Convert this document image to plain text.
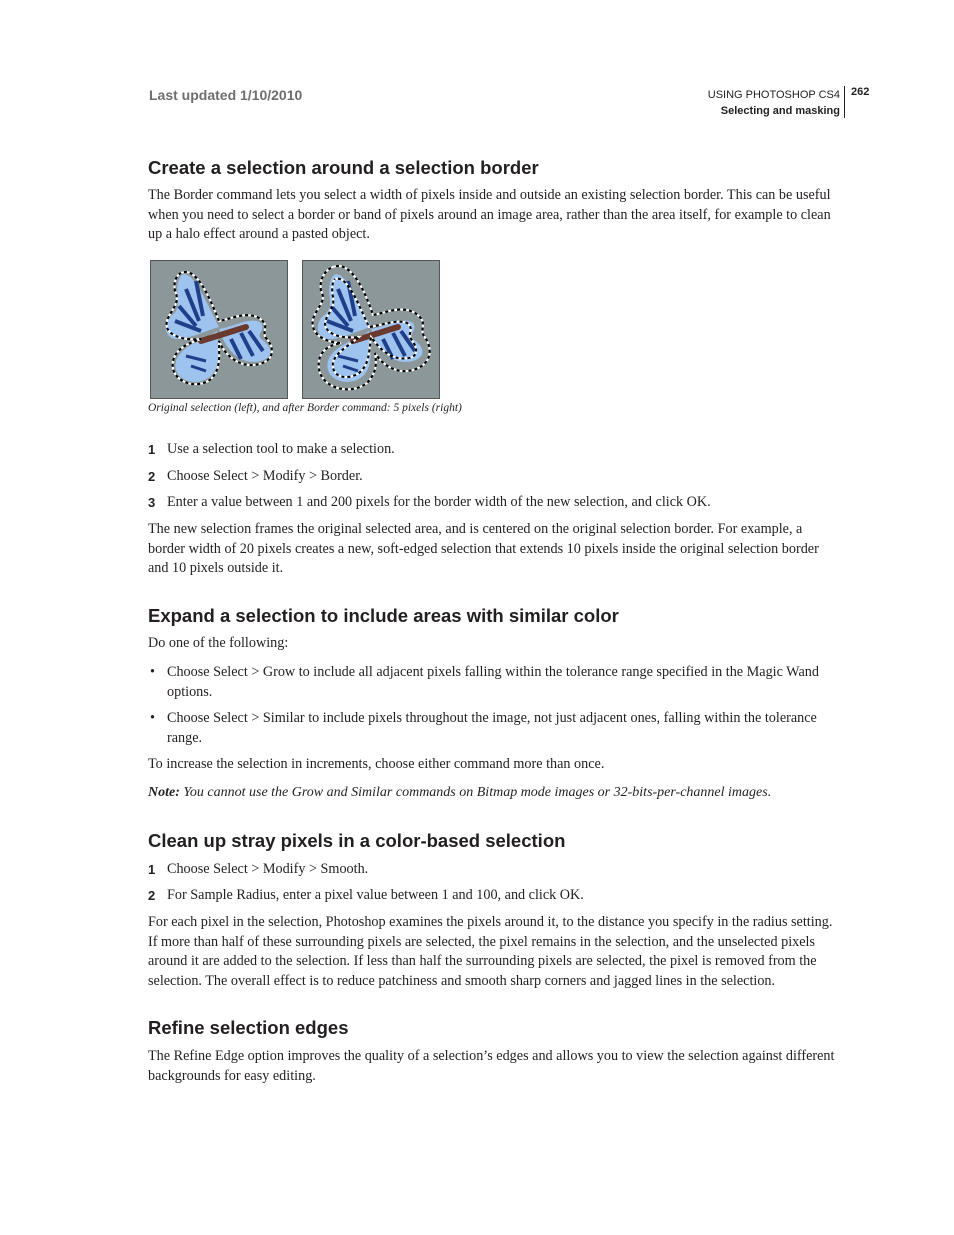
Last updated 1/10/2010	USING PHOTOSHOP CS4
Selecting and masking
262
Create a selection around a selection border

The Border command lets you select a width of pixels inside and outside an existing selection border. This can be useful when you need to select a border or band of pixels around an image area, rather than the area itself, for example to clean up a halo effect around a pasted object.

Original selection (left), and after Border command: 5 pixels (right)
1 Use a selection tool to make a selection.
2 Choose Select > Modify > Border.
3 Enter a value between 1 and 200 pixels for the border width of the new selection, and click OK.

The new selection frames the original selected area, and is centered on the original selection border. For example, a border width of 20 pixels creates a new, soft-edged selection that extends 10 pixels inside the original selection border and 10 pixels outside it.

Expand a selection to include areas with similar color

Do one of the following:

• Choose Select > Grow to include all adjacent pixels falling within the tolerance range specified in the Magic Wand options.
• Choose Select > Similar to include pixels throughout the image, not just adjacent ones, falling within the tolerance range.

To increase the selection in increments, choose either command more than once.

Note: You cannot use the Grow and Similar commands on Bitmap mode images or 32-bits-per-channel images.
Clean up stray pixels in a color-based selection
1 Choose Select > Modify > Smooth.
2 For Sample Radius, enter a pixel value between 1 and 100, and click OK.

For each pixel in the selection, Photoshop examines the pixels around it, to the distance you specify in the radius setting. If more than half of these surrounding pixels are selected, the pixel remains in the selection, and the unselected pixels around it are added to the selection. If less than half the surrounding pixels are selected, the pixel is removed from the selection. The overall effect is to reduce patchiness and smooth sharp corners and jagged lines in the selection.

Refine selection edges

The Refine Edge option improves the quality of a selection’s edges and allows you to view the selection against different backgrounds for easy editing.
